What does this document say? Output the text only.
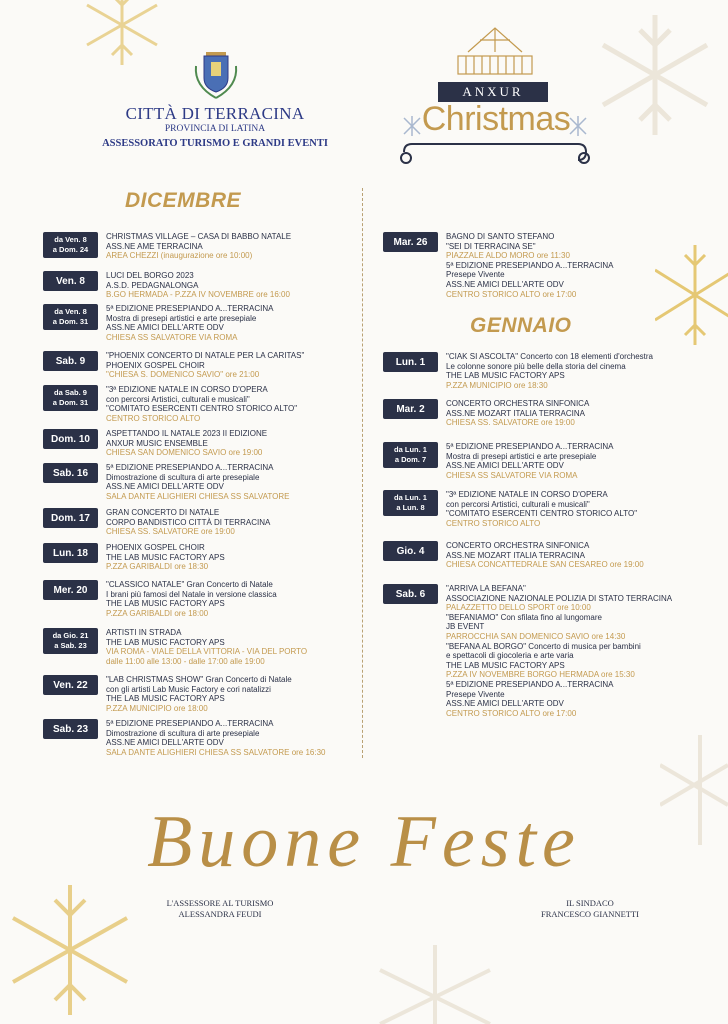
CITTÀ DI TERRACINA
PROVINCIA DI LATINA
ASSESSORATO TURISMO E GRANDI EVENTI
ANXUR
Christmas
DICEMBRE
GENNAIO
da Ven. 8
a Dom. 24
CHRISTMAS VILLAGE – CASA DI BABBO NATALE
ASS.NE AME TERRACINA
AREA CHEZZI (inaugurazione ore 10:00)
Ven. 8	LUCI DEL BORGO 2023
A.S.D. PEDAGNALONGA
B.GO HERMADA - P.ZZA IV NOVEMBRE ore 16:00
da Ven. 8
a Dom. 31
5ª EDIZIONE PRESEPIANDO A...TERRACINA
Mostra di presepi artistici e arte presepiale
ASS.NE AMICI DELL'ARTE ODV
CHIESA SS SALVATORE VIA ROMA
Sab. 9	"PHOENIX CONCERTO DI NATALE PER LA CARITAS"
PHOENIX GOSPEL CHOIR
"CHIESA S. DOMENICO SAVIO" ore 21:00
da Sab. 9
a Dom. 31
"3ª EDIZIONE NATALE IN CORSO D'OPERA
con percorsi Artistici, culturali e musicali"
"COMITATO ESERCENTI CENTRO STORICO ALTO"
CENTRO STORICO ALTO
Dom. 10	ASPETTANDO IL NATALE 2023 II EDIZIONE
ANXUR MUSIC ENSEMBLE
CHIESA SAN DOMENICO SAVIO ore 19:00
Sab. 16	5ª EDIZIONE PRESEPIANDO A...TERRACINA
Dimostrazione di scultura di arte presepiale
ASS.NE AMICI DELL'ARTE ODV
SALA DANTE ALIGHIERI CHIESA SS SALVATORE
Dom. 17	GRAN CONCERTO DI NATALE
CORPO BANDISTICO CITTÀ DI TERRACINA
CHIESA SS. SALVATORE ore 19:00
Lun. 18	PHOENIX GOSPEL CHOIR
THE LAB MUSIC FACTORY APS
P.ZZA GARIBALDI ore 18:30
Mer. 20	"CLASSICO NATALE" Gran Concerto di Natale
I brani più famosi del Natale in versione classica
THE LAB MUSIC FACTORY APS
P.ZZA GARIBALDI ore 18:00
da Gio. 21
a Sab. 23
ARTISTI IN STRADA
THE LAB MUSIC FACTORY APS
VIA ROMA - VIALE DELLA VITTORIA - VIA DEL PORTO
dalle 11:00 alle 13:00 - dalle 17:00 alle 19:00
Ven. 22	"LAB CHRISTMAS SHOW" Gran Concerto di Natale
con gli artisti Lab Music Factory e cori natalizzi
THE LAB MUSIC FACTORY APS
P.ZZA MUNICIPIO ore 18:00
Sab. 23	5ª EDIZIONE PRESEPIANDO A...TERRACINA
Dimostrazione di scultura di arte presepiale
ASS.NE AMICI DELL'ARTE ODV
SALA DANTE ALIGHIERI CHIESA SS SALVATORE ore 16:30
Mar. 26	BAGNO DI SANTO STEFANO
"SEI DI TERRACINA SE"
PIAZZALE ALDO MORO ore 11:30
5ª EDIZIONE PRESEPIANDO A...TERRACINA
Presepe Vivente
ASS.NE AMICI DELL'ARTE ODV
CENTRO STORICO ALTO ore 17:00
Lun. 1	"CIAK SI ASCOLTA" Concerto con 18 elementi d'orchestra
Le colonne sonore più belle della storia del cinema
THE LAB MUSIC FACTORY APS
P.ZZA MUNICIPIO ore 18:30
Mar. 2	CONCERTO ORCHESTRA SINFONICA
ASS.NE MOZART ITALIA TERRACINA
CHIESA SS. SALVATORE ore 19:00
da Lun. 1
a Dom. 7
5ª EDIZIONE PRESEPIANDO A...TERRACINA
Mostra di presepi artistici e arte presepiale
ASS.NE AMICI DELL'ARTE ODV
CHIESA SS SALVATORE VIA ROMA
da Lun. 1
a Lun. 8
"3ª EDIZIONE NATALE IN CORSO D'OPERA
con percorsi Artistici, culturali e musicali"
"COMITATO ESERCENTI CENTRO STORICO ALTO"
CENTRO STORICO ALTO
Gio. 4	CONCERTO ORCHESTRA SINFONICA
ASS.NE MOZART ITALIA TERRACINA
CHIESA CONCATTEDRALE SAN CESAREO ore 19:00
Sab. 6	"ARRIVA LA BEFANA"
ASSOCIAZIONE NAZIONALE POLIZIA DI STATO TERRACINA
PALAZZETTO DELLO SPORT ore 10:00
"BEFANIAMO" Con sfilata fino al lungomare
JB EVENT
PARROCCHIA SAN DOMENICO SAVIO ore 14:30
"BEFANA AL BORGO" Concerto di musica per bambini
e spettacoli di giocoleria e arte varia
THE LAB MUSIC FACTORY APS
P.ZZA IV NOVEMBRE BORGO HERMADA ore 15:30
5ª EDIZIONE PRESEPIANDO A...TERRACINA
Presepe Vivente
ASS.NE AMICI DELL'ARTE ODV
CENTRO STORICO ALTO ore 17:00
Buone Feste
L'ASSESSORE AL TURISMO
ALESSANDRA FEUDI
IL SINDACO
FRANCESCO GIANNETTI
